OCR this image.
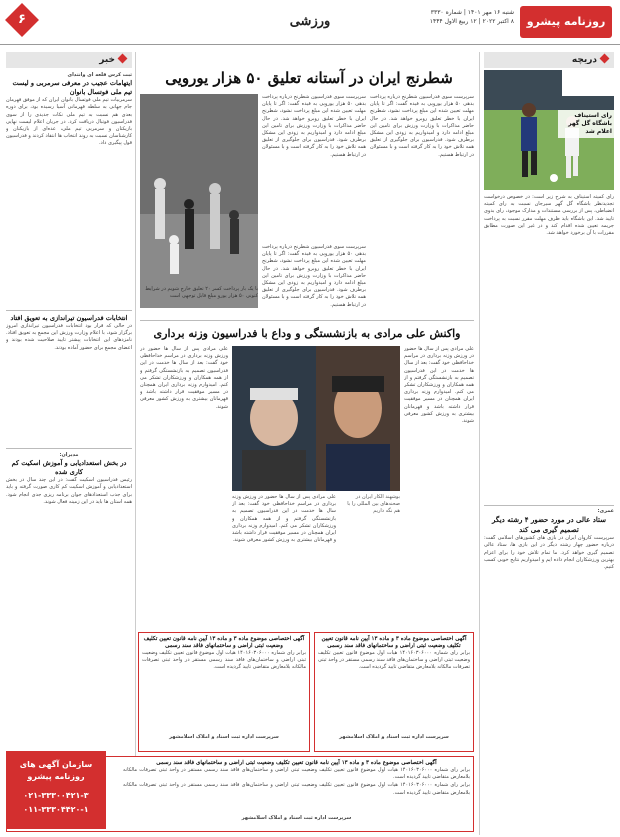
۶	ورزشی	روزنامه پیشرو
شنبه ۱۶ مهر ۱۴۰۱ | شماره ۳۳۳۰
۸ اکتبر ۲۰۲۲ | ۱۲ ربیع الاول ۱۴۴۴
دریچه
رای استیناف باشگاه گل گهر اعلام شد

رای کمیته استیناف به شرح زیر است: در خصوص درخواست تجدیدنظر باشگاه گل گهر سیرجان نسبت به رای کمیته انضباطی، پس از بررسی مستندات و مدارک موجود، رای بدوی تایید شد. این باشگاه باید ظرف مهلت مقرر نسبت به پرداخت جریمه تعیین شده اقدام کند و در غیر این صورت مطابق مقررات با آن برخورد خواهد شد.

عمری:
ستاد عالی در مورد حضور ۴ رشته دیگر تصمیم گیری می کند

سرپرست کاروان ایران در بازی های کشورهای اسلامی گفت: درباره حضور چهار رشته دیگر در این بازی ها، ستاد عالی تصمیم گیری خواهد کرد. ما تمام تلاش خود را برای اعزام بهترین ورزشکاران انجام داده ایم و امیدواریم نتایج خوبی کسب کنیم.

شطرنج ایران در آستانه تعلیق ۵۰ هزار یورویی

سرپرست سوی فدراسیون شطرنج درباره پرداخت بدهی ۵۰ هزار یورویی به فیده گفت: اگر تا پایان مهلت تعیین شده این مبلغ پرداخت نشود، شطرنج ایران با خطر تعلیق روبرو خواهد شد. در حال حاضر مذاکرات با وزارت ورزش برای تامین این مبلغ ادامه دارد و امیدواریم به زودی این مشکل برطرف شود. فدراسیون برای جلوگیری از تعلیق همه تلاش خود را به کار گرفته است و با مسئولان در ارتباط هستیم.

سرپرست سوی فدراسیون شطرنج درباره پرداخت بدهی ۵۰ هزار یورویی به فیده گفت: اگر تا پایان مهلت تعیین شده این مبلغ پرداخت نشود، شطرنج ایران با خطر تعلیق روبرو خواهد شد. در حال حاضر مذاکرات با وزارت ورزش برای تامین این مبلغ ادامه دارد و امیدواریم به زودی این مشکل برطرف شود. فدراسیون برای جلوگیری از تعلیق همه تلاش خود را به کار گرفته است و با مسئولان در ارتباط هستیم.

با یک بار پرداخت کسر ۲۰ تعلیق خارج شویم در شرایط کنونی ۵۰ هزار یورو مبلغ قابل توجهی است

سرپرست سوی فدراسیون شطرنج درباره پرداخت بدهی ۵۰ هزار یورویی به فیده گفت: اگر تا پایان مهلت تعیین شده این مبلغ پرداخت نشود، شطرنج ایران با خطر تعلیق روبرو خواهد شد. در حال حاضر مذاکرات با وزارت ورزش برای تامین این مبلغ ادامه دارد و امیدواریم به زودی این مشکل برطرف شود. فدراسیون برای جلوگیری از تعلیق همه تلاش خود را به کار گرفته است و با مسئولان در ارتباط هستیم.

واکنش علی مرادی به بازنشستگی و وداع با فدراسیون وزنه برداری

علی مرادی پس از سال ها حضور در ورزش وزنه برداری در مراسم خداحافظی خود گفت: بعد از سال ها خدمت در این فدراسیون تصمیم به بازنشستگی گرفتم و از همه همکاران و ورزشکاران تشکر می کنم. امیدوارم وزنه برداری ایران همچنان در مسیر موفقیت قرار داشته باشد و قهرمانان بیشتری به ورزش کشور معرفی شوند.

بوشهند الکار ایران در صحنه‌های بین المللی را با هم نگه داریم

علی مرادی پس از سال ها حضور در ورزش وزنه برداری در مراسم خداحافظی خود گفت: بعد از سال ها خدمت در این فدراسیون تصمیم به بازنشستگی گرفتم و از همه همکاران و ورزشکاران تشکر می کنم. امیدوارم وزنه برداری ایران همچنان در مسیر موفقیت قرار داشته باشد و قهرمانان بیشتری به ورزش کشور معرفی شوند.

علی مرادی پس از سال ها حضور در ورزش وزنه برداری در مراسم خداحافظی خود گفت: بعد از سال ها خدمت در این فدراسیون تصمیم به بازنشستگی گرفتم و از همه همکاران و ورزشکاران تشکر می کنم. امیدوارم وزنه برداری ایران همچنان در مسیر موفقیت قرار داشته باشد و قهرمانان بیشتری به ورزش کشور معرفی شوند.

خبر
ثبت کرس قلعه ای وانتدای
ایتهامات عجیب در معرفی سرمربی و لیست تیم ملی فوتسال بانوان

سرمربیات تیم ملی فوتسال بانوان ایران که از موفق فهرمان جام جهانی به سلطه فهرمانی آسیا رسیده بود، برای دوره بعدی هم نسبت به تیم ملی نکات جدیدی را از سوی فدراسیون فوتبال دریافت کرد. در جریان اعلام لیست نهایی بازیکنان و سرمربی تیم ملی، عده‌ای از بازیکنان و کارشناسان نسبت به روند انتخاب ها انتقاد کردند و فدراسیون قول پیگیری داد.

انتخابات فدراسیون تیراندازی به تعویق افتاد

در حالی که قرار بود انتخابات فدراسیون تیراندازی امروز برگزار شود، با اعلام وزارت ورزش این مجمع به تعویق افتاد. نامزدهای این انتخابات پیشتر تایید صلاحیت شده بودند و اعضای مجمع برای حضور آماده بودند.

مدیران:
در بخش استعدادیابی و آموزش اسکیت کم کاری شده

رئیس فدراسیون اسکیت گفت: در این چند سال در بخش استعدادیابی و آموزش اسکیت کم کاری صورت گرفته و باید برای جذب استعدادهای جوان برنامه ریزی جدی انجام شود. همه استان ها باید در این زمینه فعال شوند.

آگهی اختصاصی موضوع ماده ۳ و ماده ۱۳ آیین نامه قانون تعیین تکلیف وضعیت ثبتی اراضی و ساختمانهای فاقد سند رسمی

برابر رای شماره ۱۴۰۱۶۰۳۰۶۰۰۰ هیات اول موضوع قانون تعیین تکلیف وضعیت ثبتی اراضی و ساختمان‌های فاقد سند رسمی مستقر در واحد ثبتی تصرفات مالکانه بلامعارض متقاضی تایید گردیده است.

سرپرست اداره ثبت اسناد و املاک اسلامشهر
آگهی اختصاصی موضوع ماده ۳ و ماده ۱۳ آیین نامه قانون تعیین تکلیف وضعیت ثبتی اراضی و ساختمانهای فاقد سند رسمی

برابر رای شماره ۱۴۰۱۶۰۳۰۶۰۰۰ هیات اول موضوع قانون تعیین تکلیف وضعیت ثبتی اراضی و ساختمان‌های فاقد سند رسمی مستقر در واحد ثبتی تصرفات مالکانه بلامعارض متقاضی تایید گردیده است.

سرپرست اداره ثبت اسناد و املاک اسلامشهر
آگهی اختصاصی موضوع ماده ۳ و ماده ۱۳ آیین نامه قانون تعیین تکلیف وضعیت ثبتی اراضی و ساختمانهای فاقد سند رسمی

برابر رای شماره ۱۴۰۱۶۰۳۰۶۰۰۰ هیات اول موضوع قانون تعیین تکلیف وضعیت ثبتی اراضی و ساختمان‌های فاقد سند رسمی مستقر در واحد ثبتی تصرفات مالکانه بلامعارض متقاضی تایید گردیده است.

برابر رای شماره ۱۴۰۱۶۰۳۰۶۰۰۰ هیات اول موضوع قانون تعیین تکلیف وضعیت ثبتی اراضی و ساختمان‌های فاقد سند رسمی مستقر در واحد ثبتی تصرفات مالکانه بلامعارض متقاضی تایید گردیده است.

سرپرست اداره ثبت اسناد و املاک اسلامشهر
سازمان آگهی های روزنامه پیشرو
۰۲۱-۳۳۳۰۰۴۲۱-۳
۰۱۱-۳۳۳۰۴۴۲۰-۱
